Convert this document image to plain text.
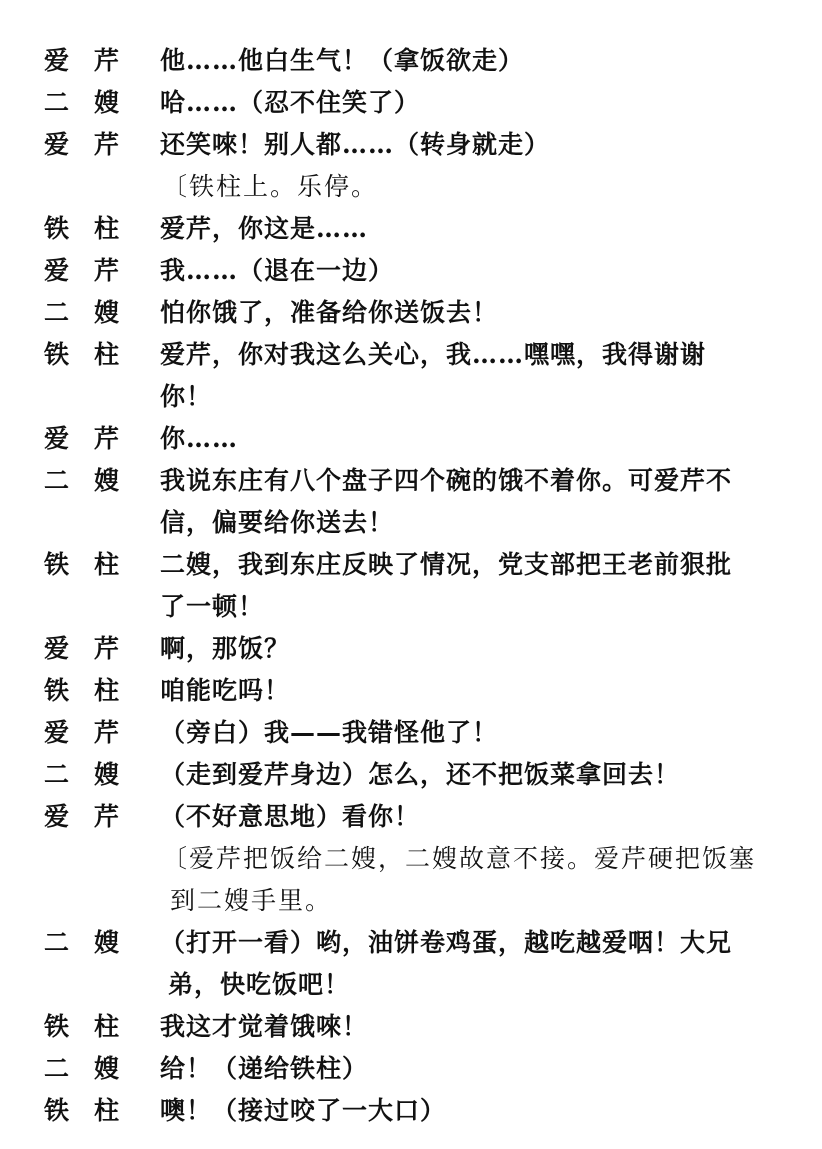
爱　芹	他……他白生气！（拿饭欲走）
二　嫂	哈……（忍不住笑了）
爱　芹	还笑唻！别人都……（转身就走）
〔铁柱上。乐停。
铁　柱	爱芹，你这是……
爱　芹	我……（退在一边）
二　嫂	怕你饿了，准备给你送饭去！
铁　柱	爱芹，你对我这么关心，我……嘿嘿，我得谢谢
你！
爱　芹	你……
二　嫂	我说东庄有八个盘子四个碗的饿不着你。可爱芹不
信，偏要给你送去！
铁　柱	二嫂，我到东庄反映了情况，党支部把王老前狠批
了一顿！
爱　芹	啊，那饭？
铁　柱	咱能吃吗！
爱　芹	（旁白）我——我错怪他了！
二　嫂	（走到爱芹身边）怎么，还不把饭菜拿回去！
爱　芹	（不好意思地）看你！
〔爱芹把饭给二嫂，二嫂故意不接。爱芹硬把饭塞
到二嫂手里。
二　嫂	（打开一看）哟，油饼卷鸡蛋，越吃越爱咽！大兄
弟，快吃饭吧！
铁　柱	我这才觉着饿唻！
二　嫂	给！（递给铁柱）
铁　柱	噢！（接过咬了一大口）
